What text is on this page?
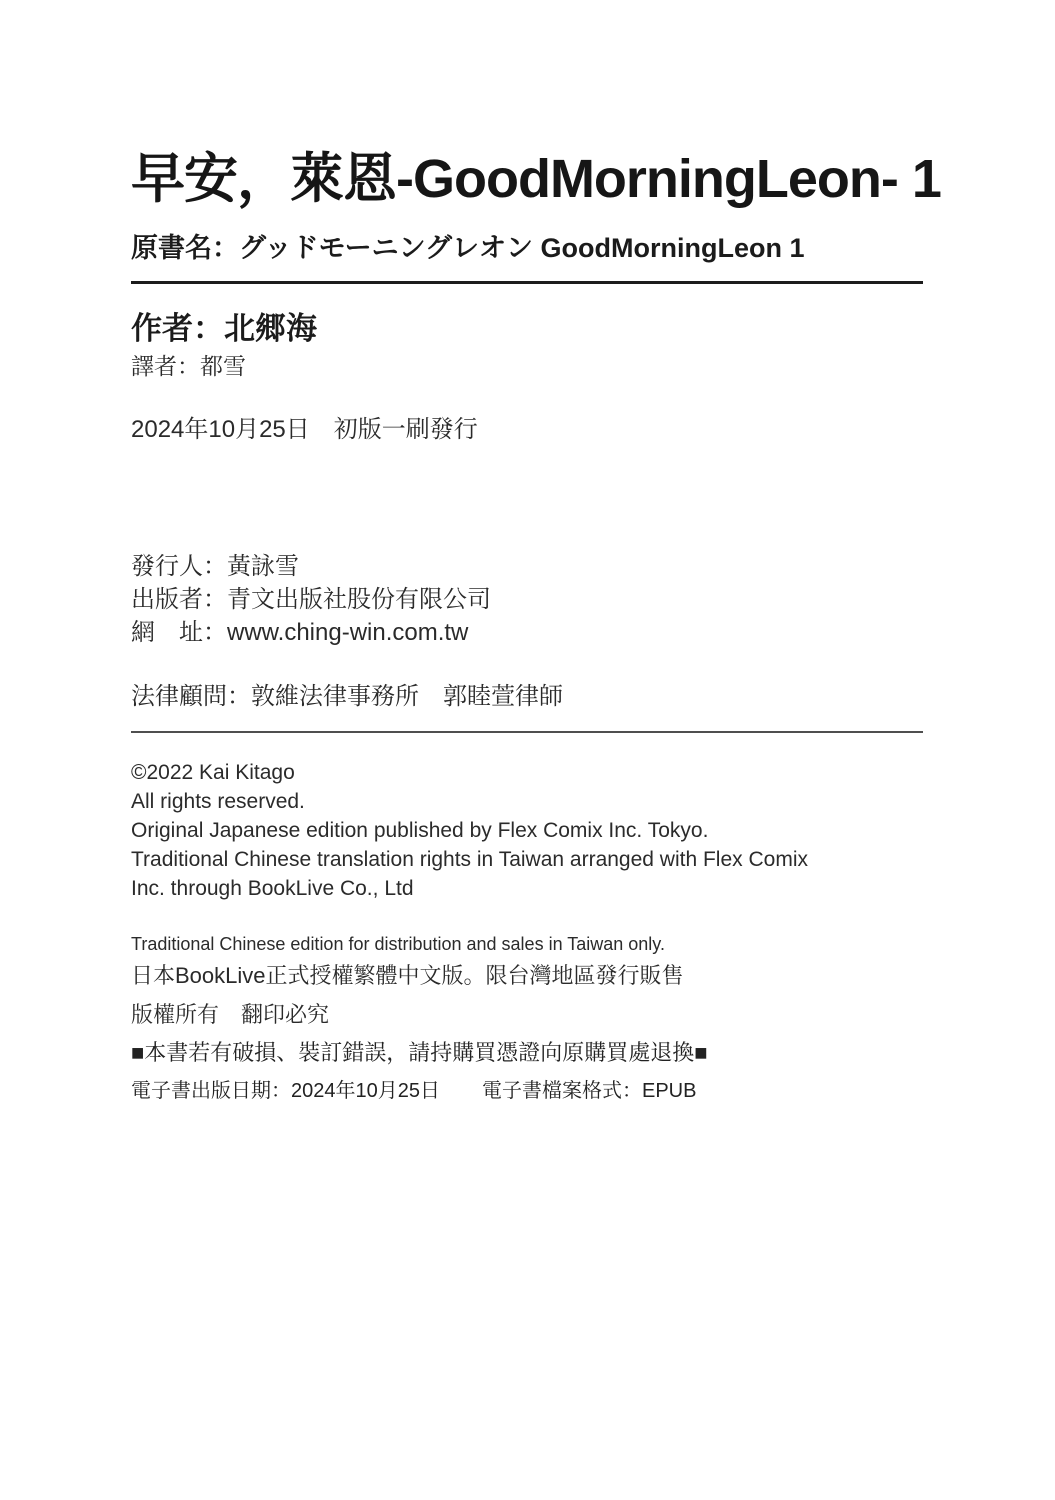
早安，萊恩-GoodMorningLeon- 1
原書名：グッドモーニングレオン GoodMorningLeon 1
作者：北郷海
譯者：都雪
2024年10月25日　初版一刷發行
發行人：黃詠雪
出版者：青文出版社股份有限公司
網　址：www.ching-win.com.tw
法律顧問：敦維法律事務所　郭睦萱律師
©2022 Kai Kitago
All rights reserved.
Original Japanese edition published by Flex Comix Inc. Tokyo.
Traditional Chinese translation rights in Taiwan arranged with Flex Comix
Inc. through BookLive Co., Ltd
Traditional Chinese edition for distribution and sales in Taiwan only.
日本BookLive正式授權繁體中文版。限台灣地區發行販售
版權所有　翻印必究
■本書若有破損、裝訂錯誤，請持購買憑證向原購買處退換■
電子書出版日期：2024年10月25日 電子書檔案格式：EPUB
